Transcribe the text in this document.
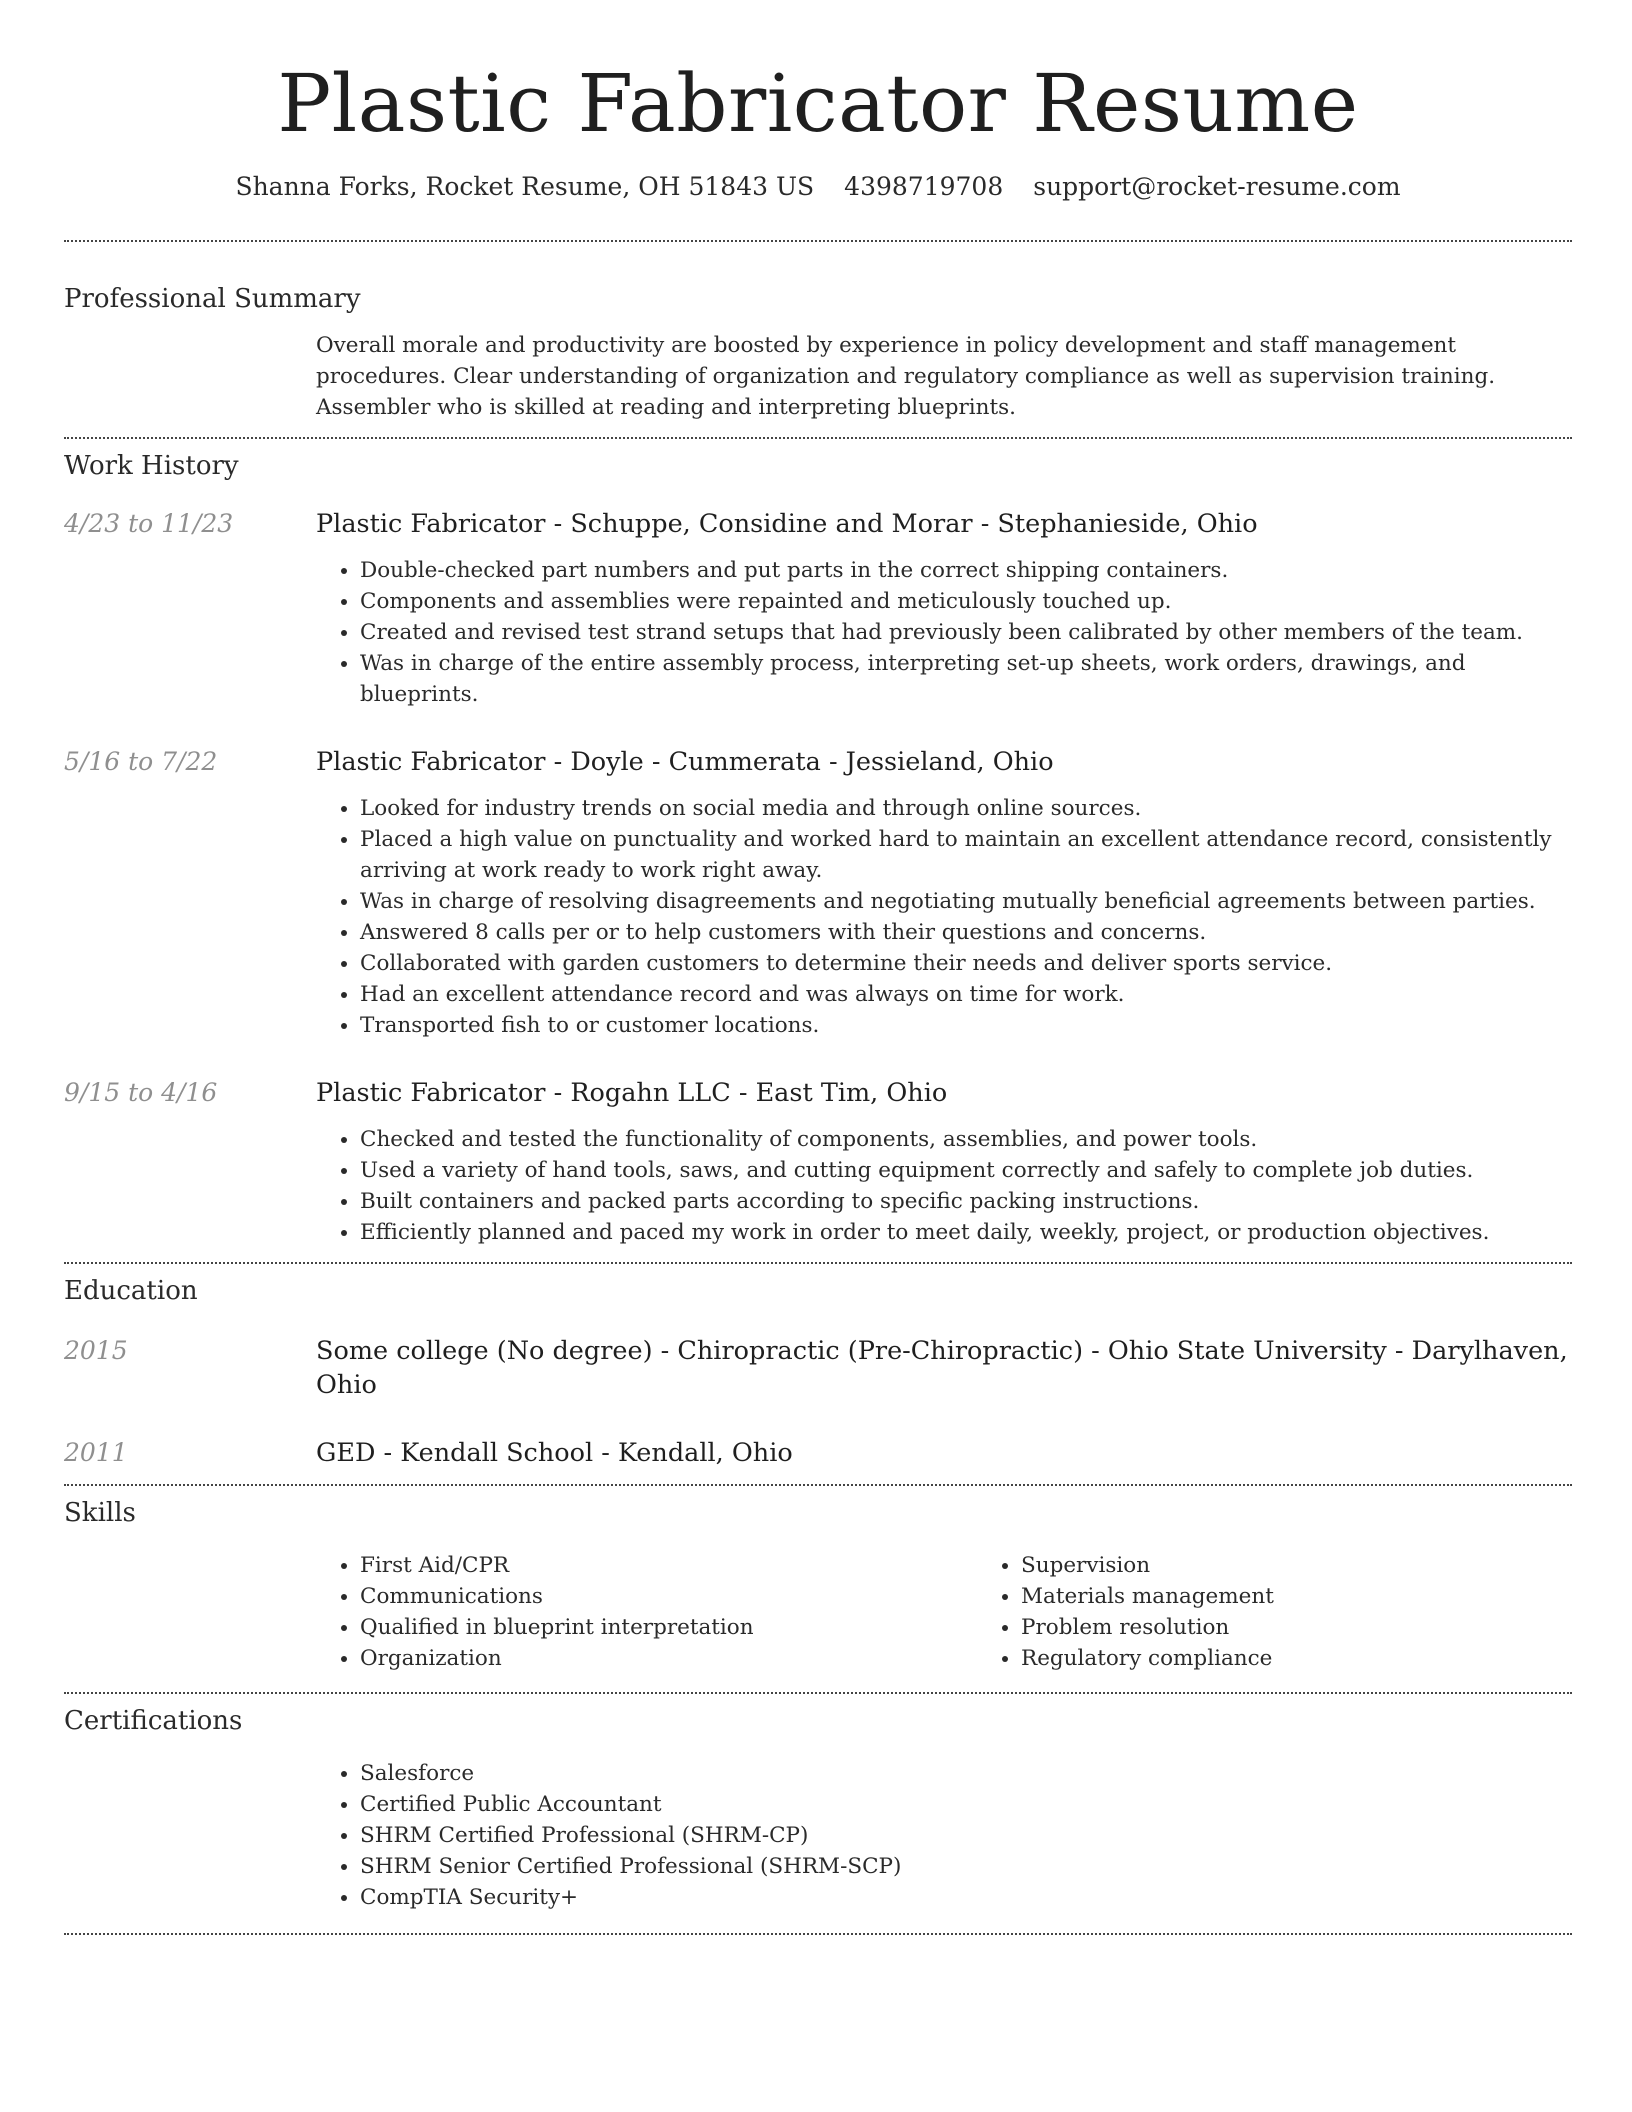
Plastic Fabricator Resume
Shanna Forks, Rocket Resume, OH 51843 US 4398719708 support@rocket-resume.com
Professional Summary

Overall morale and productivity are boosted by experience in policy development and staff management procedures. Clear understanding of organization and regulatory compliance as well as supervision training. Assembler who is skilled at reading and interpreting blueprints.

Work History
4/23 to 11/23	Plastic Fabricator - Schuppe, Considine and Morar - Stephanieside, Ohio
• Double-checked part numbers and put parts in the correct shipping containers.
• Components and assemblies were repainted and meticulously touched up.
• Created and revised test strand setups that had previously been calibrated by other members of the team.
• Was in charge of the entire assembly process, interpreting set-up sheets, work orders, drawings, and blueprints.
5/16 to 7/22	Plastic Fabricator - Doyle - Cummerata - Jessieland, Ohio
• Looked for industry trends on social media and through online sources.
• Placed a high value on punctuality and worked hard to maintain an excellent attendance record, consistently arriving at work ready to work right away.
• Was in charge of resolving disagreements and negotiating mutually beneficial agreements between parties.
• Answered 8 calls per or to help customers with their questions and concerns.
• Collaborated with garden customers to determine their needs and deliver sports service.
• Had an excellent attendance record and was always on time for work.
• Transported fish to or customer locations.
9/15 to 4/16	Plastic Fabricator - Rogahn LLC - East Tim, Ohio
• Checked and tested the functionality of components, assemblies, and power tools.
• Used a variety of hand tools, saws, and cutting equipment correctly and safely to complete job duties.
• Built containers and packed parts according to specific packing instructions.
• Efficiently planned and paced my work in order to meet daily, weekly, project, or production objectives.
Education
2015	Some college (No degree) - Chiropractic (Pre-Chiropractic) - Ohio State University - Darylhaven, Ohio
2011	GED - Kendall School - Kendall, Ohio
Skills
• First Aid/CPR
• Communications
• Qualified in blueprint interpretation
• Organization
• Supervision
• Materials management
• Problem resolution
• Regulatory compliance
Certifications
• Salesforce
• Certified Public Accountant
• SHRM Certified Professional (SHRM-CP)
• SHRM Senior Certified Professional (SHRM-SCP)
• CompTIA Security+
